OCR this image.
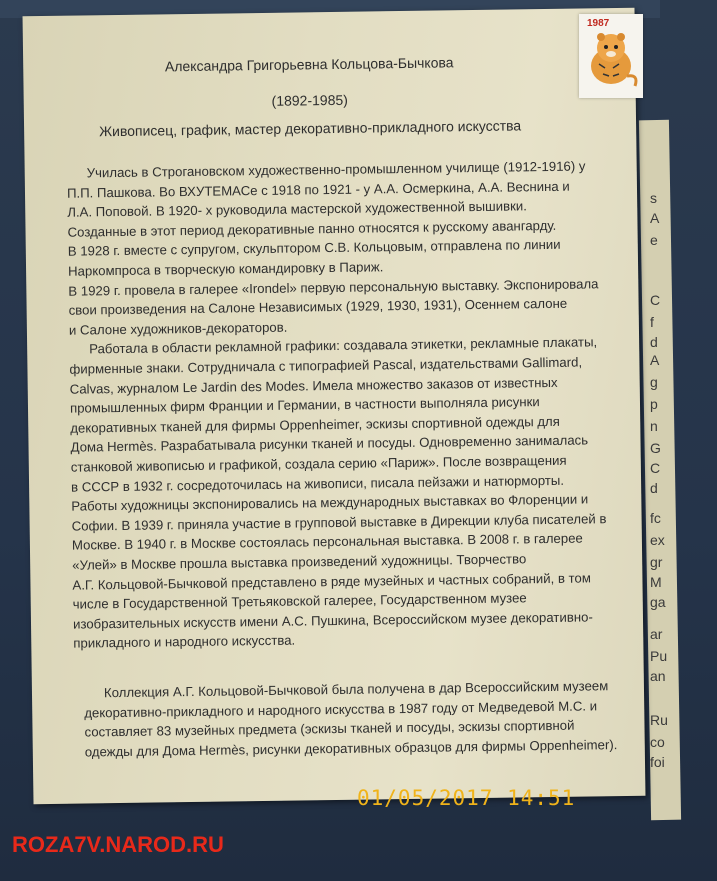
Александра Григорьевна Кольцова-Бычкова
(1892-1985)
Живописец, график, мастер декоративно-прикладного искусства
Училась в Строгановском художественно-промышленном училище (1912-1916) у
П.П. Пашкова. Во ВХУТЕМАСе с 1918 по 1921 - у А.А. Осмеркина, А.А. Веснина и
Л.А. Поповой. В 1920- х руководила мастерской художественной вышивки.
Созданные в этот период декоративные панно относятся к русскому авангарду.
В 1928 г. вместе с супругом, скульптором С.В. Кольцовым, отправлена по линии
Наркомпроса в творческую командировку в Париж.
В 1929 г. провела в галерее «Irondel» первую персональную выставку. Экспонировала
свои произведения на Салоне Независимых (1929, 1930, 1931), Осеннем салоне
и Салоне художников-декораторов.
Работала в области рекламной графики: создавала этикетки, рекламные плакаты,
фирменные знаки. Сотрудничала с типографией Pascal, издательствами Gallimard,
Calvas, журналом Le Jardin des Modes. Имела множество заказов от известных
промышленных фирм Франции и Германии, в частности выполняла рисунки
декоративных тканей для фирмы Oppenheimer, эскизы спортивной одежды для
Дома Hermès. Разрабатывала рисунки тканей и посуды. Одновременно занималась
станковой живописью и графикой, создала серию «Париж». После возвращения
в СССР в 1932 г. сосредоточилась на живописи, писала пейзажи и натюрморты.
Работы художницы экспонировались на международных выставках во Флоренции и
Софии. В 1939 г. приняла участие в групповой выставке в Дирекции клуба писателей в
Москве. В 1940 г. в Москве состоялась персональная выставка. В 2008 г. в галерее
«Улей» в Москве прошла выставка произведений художницы. Творчество
А.Г. Кольцовой-Бычковой представлено в ряде музейных и частных собраний, в том
числе в Государственной Третьяковской галерее, Государственном музее
изобразительных искусств имени А.С. Пушкина, Всероссийском музее декоративно-
прикладного и народного искусства.
Коллекция А.Г. Кольцовой-Бычковой была получена в дар Всероссийским музеем
декоративно-прикладного и народного искусства в 1987 году от Медведевой М.С. и
составляет 83 музейных предмета (эскизы тканей и посуды, эскизы спортивной
одежды для Дома Hermès, рисунки декоративных образцов для фирмы Oppenheimer).
1987
s
A
e
C
f
d
A
g
p
n
G
C
d
fc
ex
gr
M
ga
ar
Pu
an
Ru
co
foi
01/05/2017 14:51
ROZA7V.NAROD.RU
